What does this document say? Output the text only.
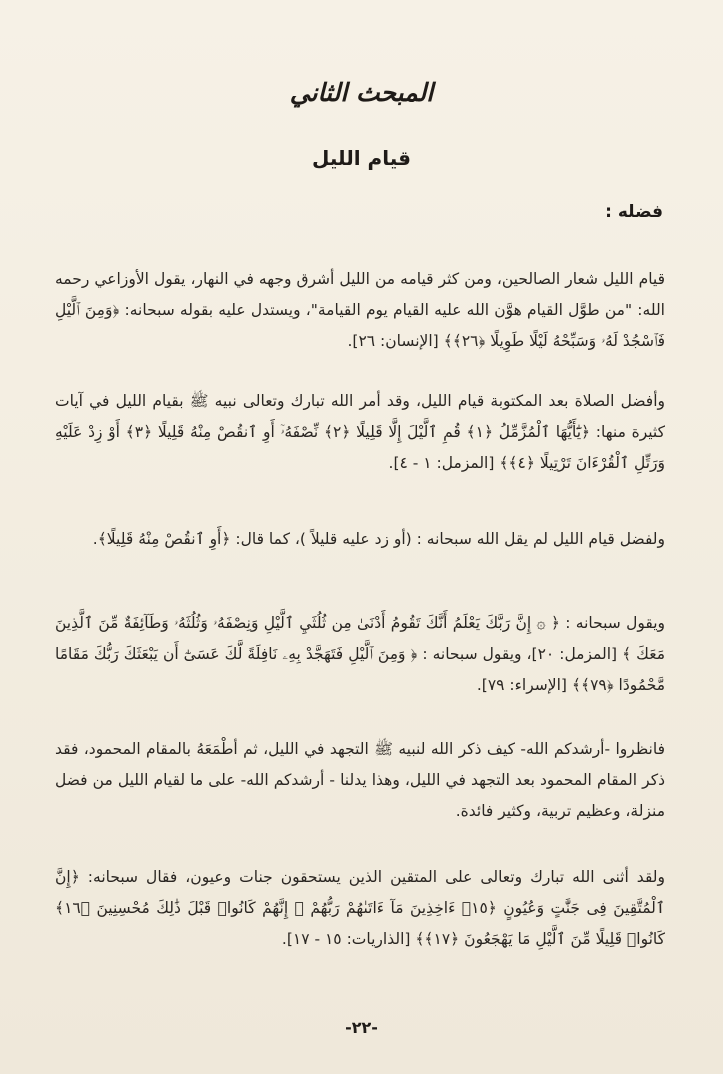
المبحث الثاني
قيام الليل
فضله :

قيام الليل شعار الصالحين، ومن كثر قيامه من الليل أشرق وجهه في النهار، يقول الأوزاعي رحمه الله: "من طوَّل القيام هوَّن الله عليه القيام يوم القيامة"، ويستدل عليه بقوله سبحانه: ﴿وَمِنَ ٱلَّيْلِ فَٱسْجُدْ لَهُۥ وَسَبِّحْهُ لَيْلًا طَوِيلًا ﴿٢٦﴾﴾ [الإنسان: ٢٦].

وأفضل الصلاة بعد المكتوبة قيام الليل، وقد أمر الله تبارك وتعالى نبيه ﷺ بقيام الليل في آيات كثيرة منها: ﴿يَٰٓأَيُّهَا ٱلْمُزَّمِّلُ ﴿١﴾ قُمِ ٱلَّيْلَ إِلَّا قَلِيلًا ﴿٢﴾ نِّصْفَهُۥٓ أَوِ ٱنقُصْ مِنْهُ قَلِيلًا ﴿٣﴾ أَوْ زِدْ عَلَيْهِ وَرَتِّلِ ٱلْقُرْءَانَ تَرْتِيلًا ﴿٤﴾﴾ [المزمل: ١ - ٤].

ولفضل قيام الليل لم يقل الله سبحانه : (أو زد عليه قليلاً )، كما قال: ﴿أَوِ ٱنقُصْ مِنْهُ قَلِيلًا﴾.

ويقول سبحانه : ﴿ ۞ إِنَّ رَبَّكَ يَعْلَمُ أَنَّكَ تَقُومُ أَدْنَىٰ مِن ثُلُثَيِ ٱلَّيْلِ وَنِصْفَهُۥ وَثُلُثَهُۥ وَطَآئِفَةٌ مِّنَ ٱلَّذِينَ مَعَكَ ﴾ [المزمل: ٢٠]، ويقول سبحانه : ﴿ وَمِنَ ٱلَّيْلِ فَتَهَجَّدْ بِهِۦ نَافِلَةً لَّكَ عَسَىٰٓ أَن يَبْعَثَكَ رَبُّكَ مَقَامًا مَّحْمُودًا ﴿٧٩﴾﴾ [الإسراء: ٧٩].

فانظروا -أرشدكم الله- كيف ذكر الله لنبيه ﷺ التجهد في الليل، ثم أطْمَعَهُ بالمقام المحمود، فقد ذكر المقام المحمود بعد التجهد في الليل، وهذا يدلنا - أرشدكم الله- على ما لقيام الليل من فضل منزلة، وعظيم تربية، وكثير فائدة.

ولقد أثنى الله تبارك وتعالى على المتقين الذين يستحقون جنات وعيون، فقال سبحانه: ﴿إِنَّ ٱلْمُتَّقِينَ فِى جَنَّٰتٍ وَعُيُونٍ ﴿١٥﴾ ءَاخِذِينَ مَآ ءَاتَىٰهُمْ رَبُّهُمْ ۚ إِنَّهُمْ كَانُوا۟ قَبْلَ ذَٰلِكَ مُحْسِنِينَ ﴿١٦﴾ كَانُوا۟ قَلِيلًا مِّنَ ٱلَّيْلِ مَا يَهْجَعُونَ ﴿١٧﴾﴾ [الذاريات: ١٥ - ١٧].

-٢٢-
